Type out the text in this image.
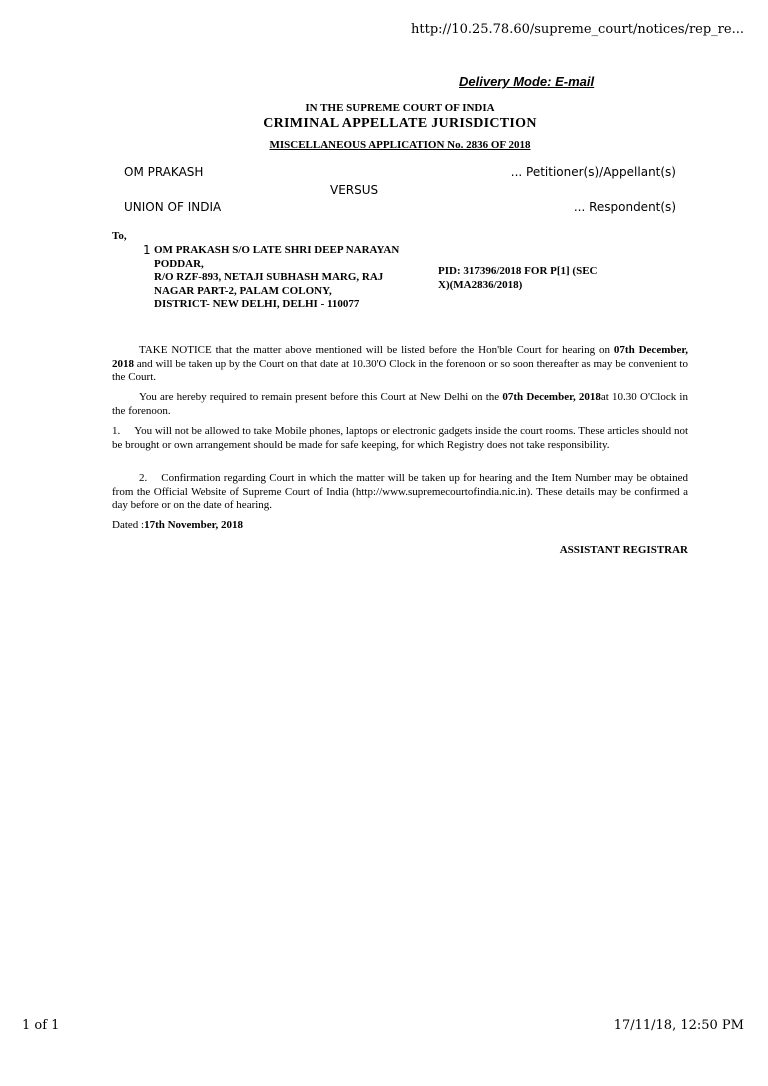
http://10.25.78.60/supreme_court/notices/rep_re...
Delivery Mode: E-mail
IN THE SUPREME COURT OF INDIA
CRIMINAL APPELLATE JURISDICTION
MISCELLANEOUS APPLICATION No. 2836 OF 2018
OM PRAKASH	... Petitioner(s)/Appellant(s)
VERSUS
UNION OF INDIA	... Respondent(s)
To,
1 OM PRAKASH S/O LATE SHRI DEEP NARAYAN
PODDAR,
R/O RZF-893, NETAJI SUBHASH MARG, RAJ
NAGAR PART-2, PALAM COLONY,
DISTRICT- NEW DELHI, DELHI - 110077
PID: 317396/2018 FOR P[1] (SEC
X)(MA2836/2018)
TAKE NOTICE that the matter above mentioned will be listed before the Hon'ble Court for hearing on 07th December, 2018 and will be taken up by the Court on that date at 10.30'O Clock in the forenoon or so soon thereafter as may be convenient to the Court.
You are hereby required to remain present before this Court at New Delhi on the 07th December, 2018at 10.30 O'Clock in the forenoon.
1. You will not be allowed to take Mobile phones, laptops or electronic gadgets inside the court rooms. These articles should not be brought or own arrangement should be made for safe keeping, for which Registry does not take responsibility.
2. Confirmation regarding Court in which the matter will be taken up for hearing and the Item Number may be obtained from the Official Website of Supreme Court of India (http://www.supremecourtofindia.nic.in). These details may be confirmed a day before or on the date of hearing.
Dated :17th November, 2018
ASSISTANT REGISTRAR
1 of 1	17/11/18, 12:50 PM
